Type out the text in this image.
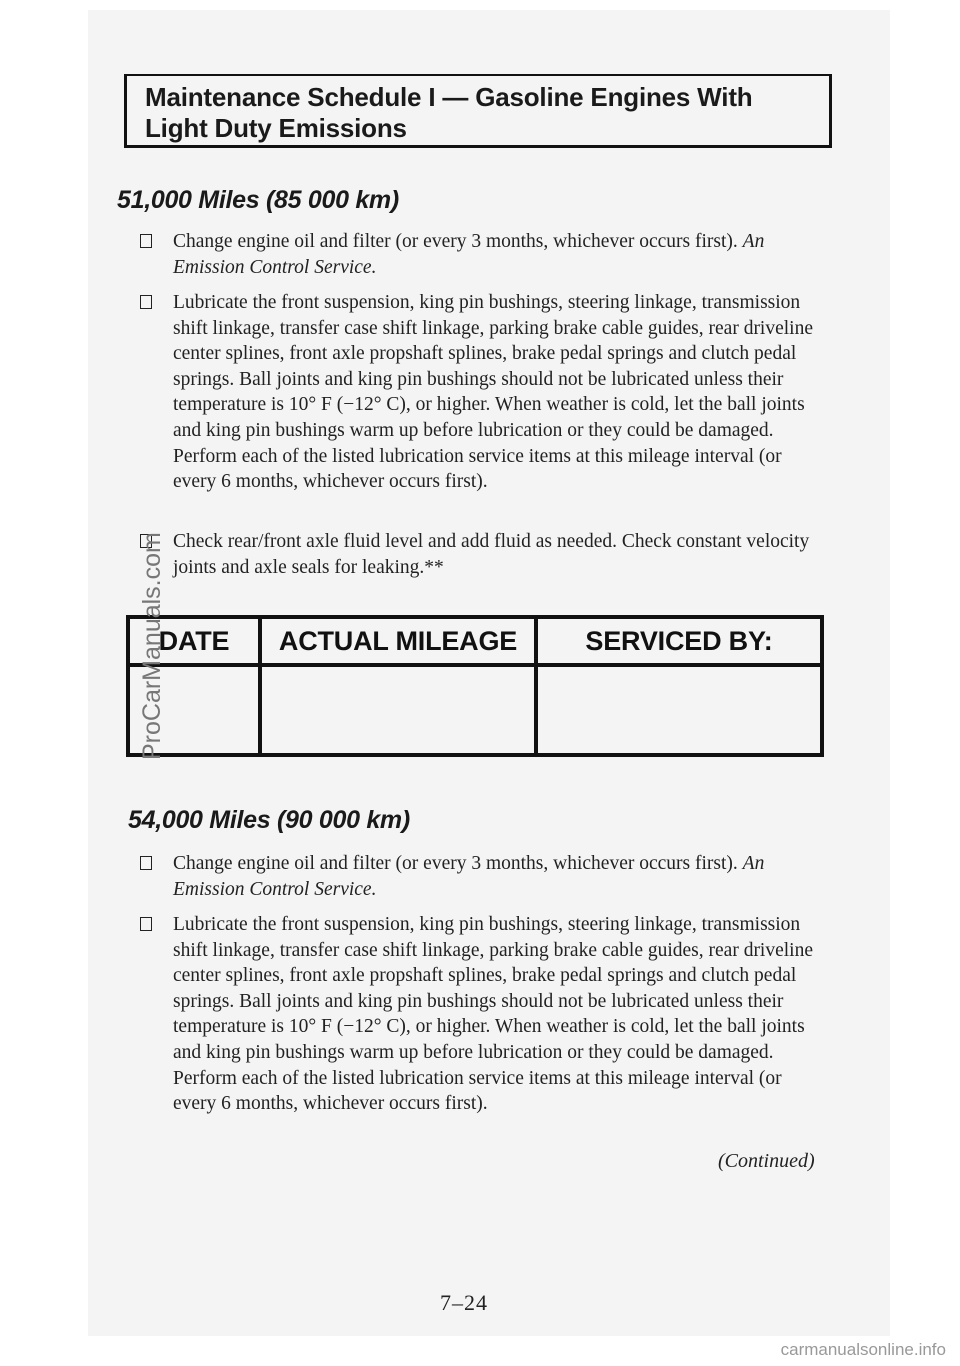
Maintenance Schedule I — Gasoline Engines With
Light Duty Emissions
51,000 Miles (85 000 km)
Change engine oil and filter (or every 3 months, whichever occurs first). An Emission Control Service.
Lubricate the front suspension, king pin bushings, steering linkage, transmission shift linkage, transfer case shift linkage, parking brake cable guides, rear driveline center splines, front axle propshaft splines, brake pedal springs and clutch pedal springs. Ball joints and king pin bushings should not be lubricated unless their temperature is 10° F (−12° C), or higher. When weather is cold, let the ball joints and king pin bushings warm up before lubrication or they could be damaged. Perform each of the listed lubrication service items at this mileage interval (or every 6 months, whichever occurs first).
Check rear/front axle fluid level and add fluid as needed. Check constant velocity joints and axle seals for leaking.**
DATE	ACTUAL MILEAGE	SERVICED BY:

54,000 Miles (90 000 km)
Change engine oil and filter (or every 3 months, whichever occurs first). An Emission Control Service.
Lubricate the front suspension, king pin bushings, steering linkage, transmission shift linkage, transfer case shift linkage, parking brake cable guides, rear driveline center splines, front axle propshaft splines, brake pedal springs and clutch pedal springs. Ball joints and king pin bushings should not be lubricated unless their temperature is 10° F (−12° C), or higher. When weather is cold, let the ball joints and king pin bushings warm up before lubrication or they could be damaged. Perform each of the listed lubrication service items at this mileage interval (or every 6 months, whichever occurs first).
(Continued)
7–24
ProCarManuals.com
carmanualsonline.info
